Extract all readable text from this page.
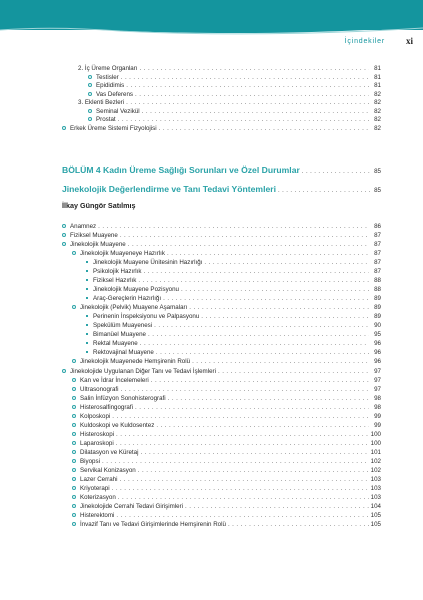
İçindekiler xi
2. İç Üreme Organları . . .	81
Testisler . . .	81
Epididimis . . .	81
Vas Deferens . . .	82
3. Eklenti Bezleri . . .	82
Seminal Vezikül . . .	82
Prostat . . .	82
Erkek Üreme Sistemi Fizyolojisi . . .	82
BÖLÜM 4 Kadın Üreme Sağlığı Sorunları ve Özel Durumlar . . .	85
Jinekolojik Değerlendirme ve Tanı Tedavi Yöntemleri . . .	85
İlkay Güngör Satılmış
Anamnez . . .	86
Fiziksel Muayene . . .	87
Jinekolojik Muayene . . .	87
Jinekolojik Muayeneye Hazırlık . . .	87
Jinekolojik Muayene Ünitesinin Hazırlığı . . .	87
Psikolojik Hazırlık . . .	87
Fiziksel Hazırlık . . .	88
Jinekolojik Muayene Pozisyonu . . .	88
Araç-Gereçlerin Hazırlığı . . .	89
Jinekolojik (Pelvik) Muayene Aşamaları . . .	89
Perinenin İnspeksiyonu ve Palpasyonu . . .	89
Spekülüm Muayenesi . . .	90
Bimanüel Muayene . . .	95
Rektal Muayene . . .	96
Rektovajinal Muayene . . .	96
Jinekolojik Muayenede Hemşirenin Rolü . . .	96
Jinekolojide Uygulanan Diğer Tanı ve Tedavi İşlemleri . . .	97
Kan ve İdrar İncelemeleri . . .	97
Ultrasonografi . . .	97
Salin İnfüzyon Sonohisterografi . . .	98
Histerosalfingografi . . .	98
Kolposkopi . . .	99
Kuldoskopi ve Kuldosentez . . .	99
Histeroskopi . . .	100
Laparoskopi . . .	100
Dilatasyon ve Küretaj . . .	101
Biyopsi . . .	102
Servikal Konizasyon . . .	102
Lazer Cerrahi . . .	103
Kriyoterapi . . .	103
Koterizasyon . . .	103
Jinekolojide Cerrahi Tedavi Girişimleri . . .	104
Histerektomi . . .	105
İnvazif Tanı ve Tedavi Girişimlerinde Hemşirenin Rolü . . .	105
